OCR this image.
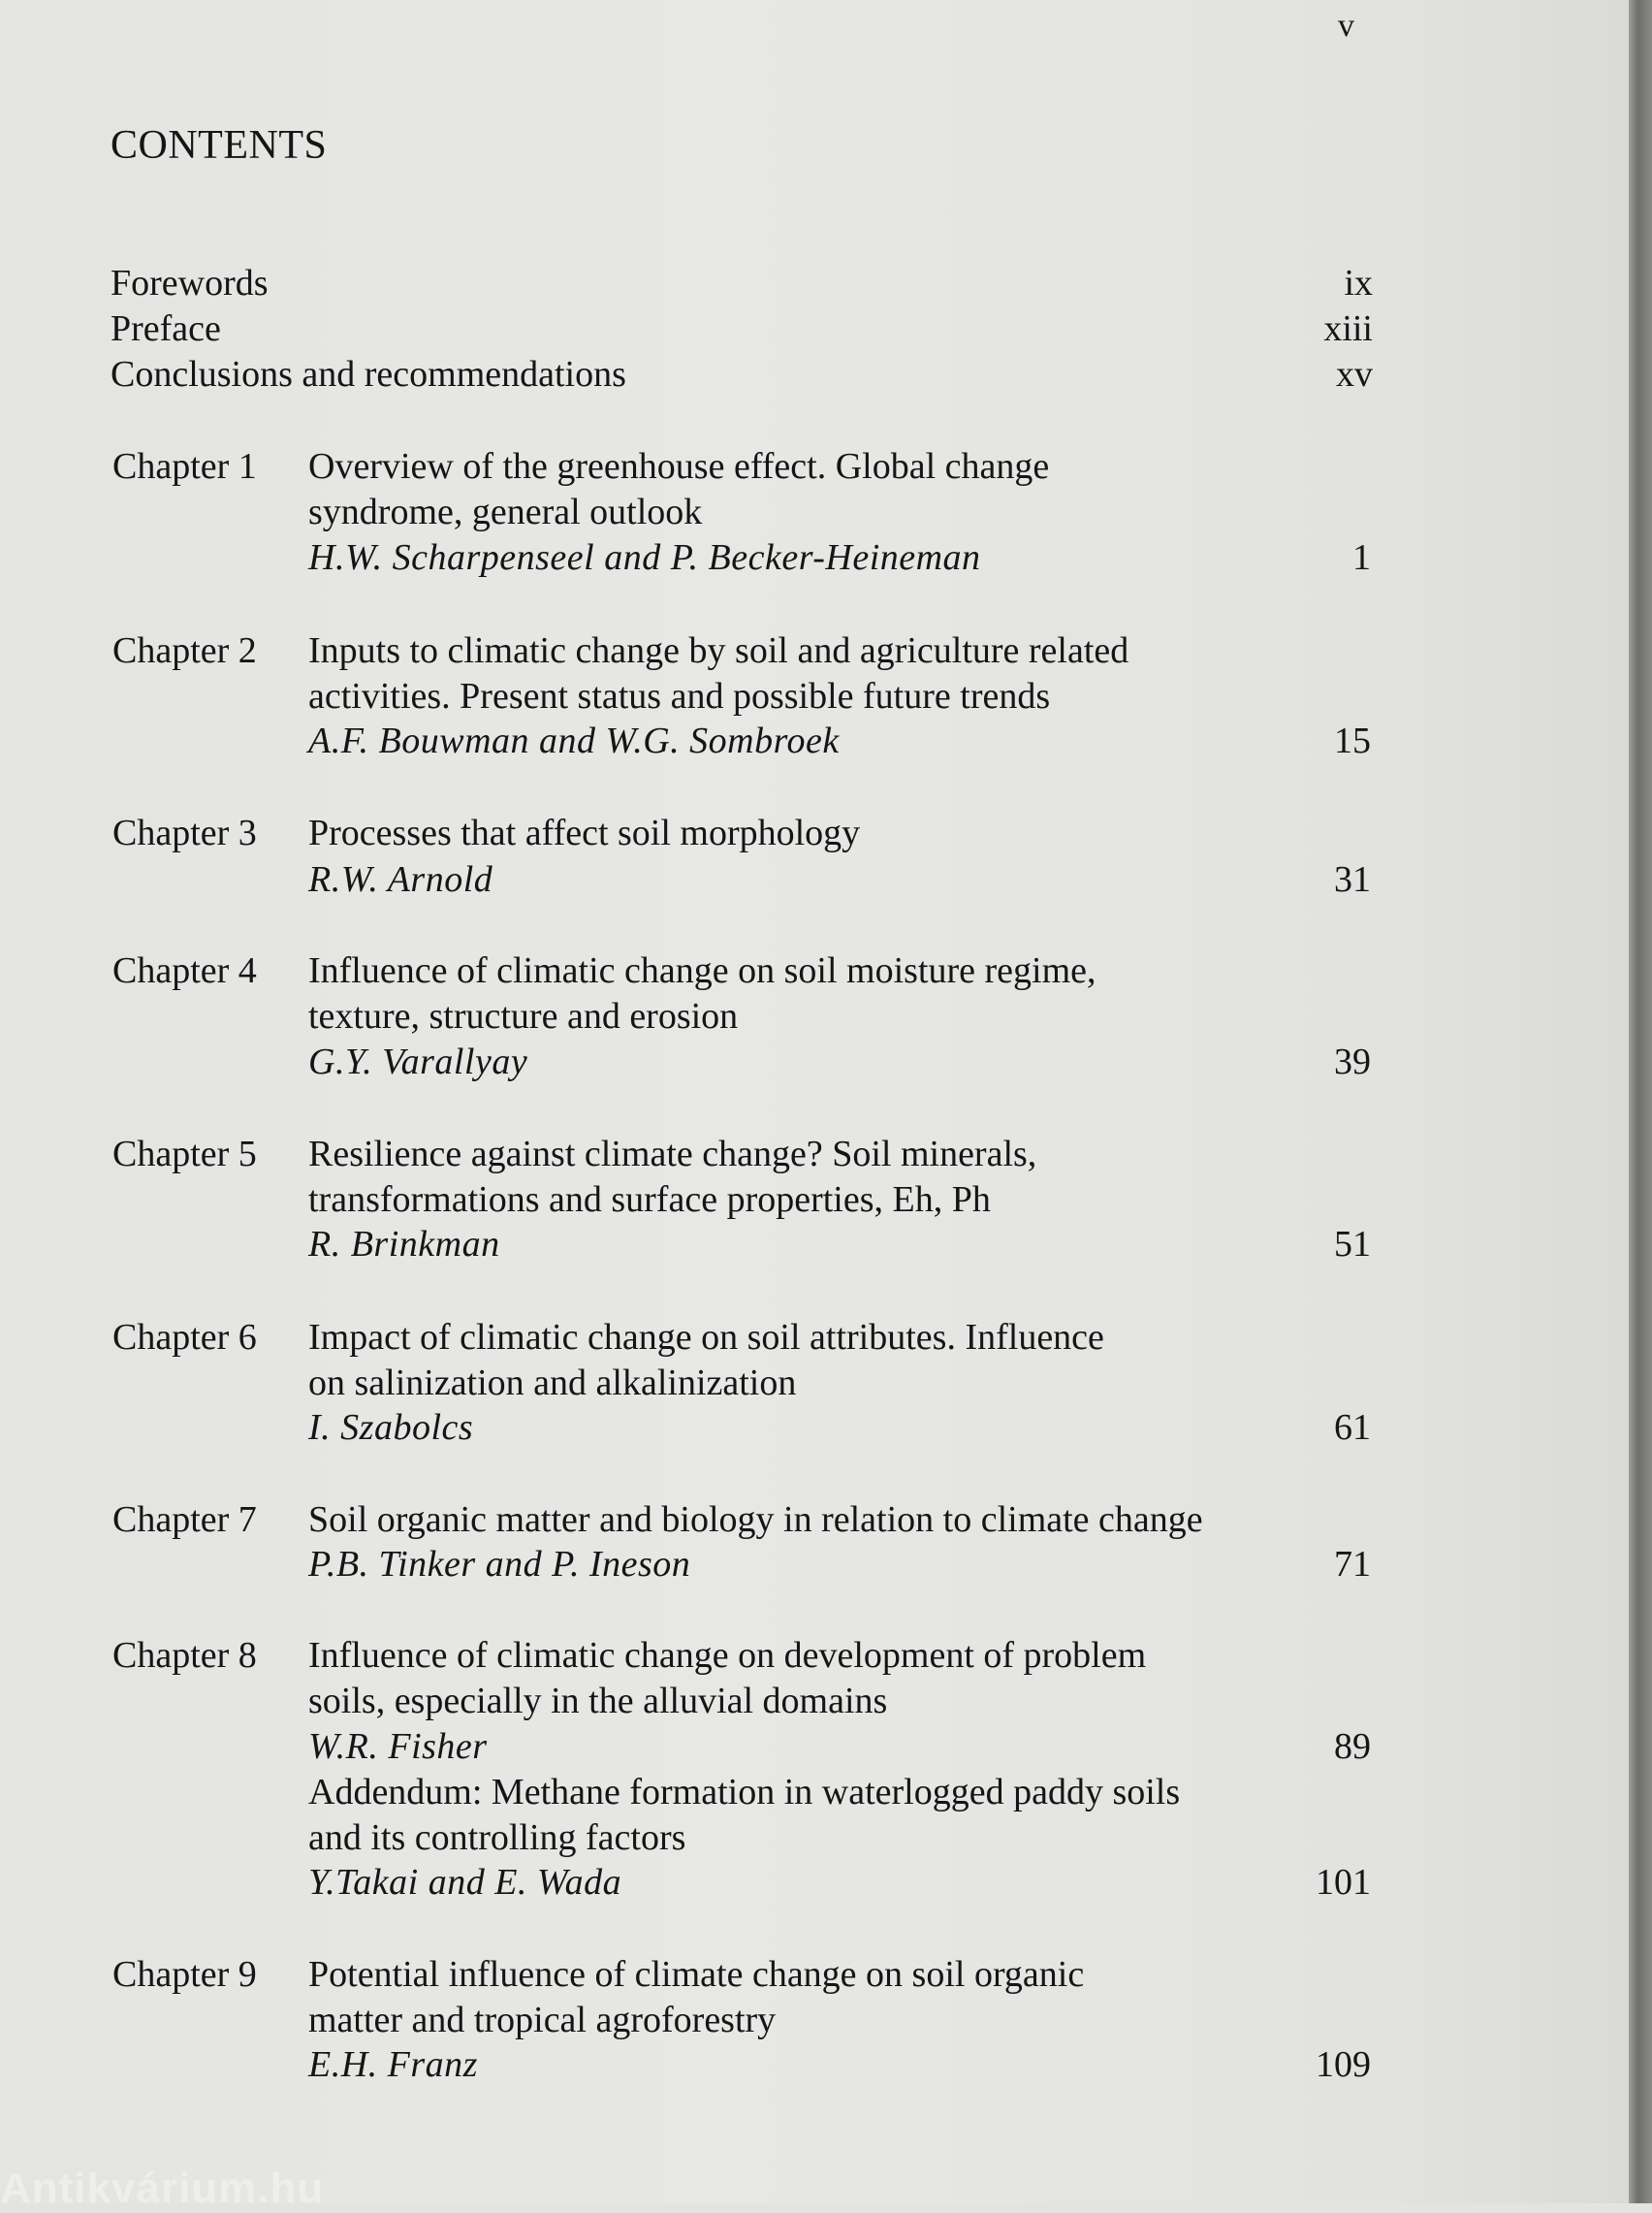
v
CONTENTS
Forewords	ix
Preface	xiii
Conclusions and recommendations	xv
Chapter 1 Overview of the greenhouse effect. Global change
syndrome, general outlook
H.W. Scharpenseel and P. Becker-Heineman	1
Chapter 2 Inputs to climatic change by soil and agriculture related
activities. Present status and possible future trends
A.F. Bouwman and W.G. Sombroek	15
Chapter 3 Processes that affect soil morphology
R.W. Arnold	31
Chapter 4 Influence of climatic change on soil moisture regime,
texture, structure and erosion
G.Y. Varallyay	39
Chapter 5 Resilience against climate change? Soil minerals,
transformations and surface properties, Eh, Ph
R. Brinkman	51
Chapter 6 Impact of climatic change on soil attributes. Influence
on salinization and alkalinization
I. Szabolcs	61
Chapter 7 Soil organic matter and biology in relation to climate change
P.B. Tinker and P. Ineson	71
Chapter 8 Influence of climatic change on development of problem
soils, especially in the alluvial domains
W.R. Fisher	89
Addendum: Methane formation in waterlogged paddy soils
and its controlling factors
Y.Takai and E. Wada	101
Chapter 9 Potential influence of climate change on soil organic
matter and tropical agroforestry
E.H. Franz	109
Antikvárium.hu
